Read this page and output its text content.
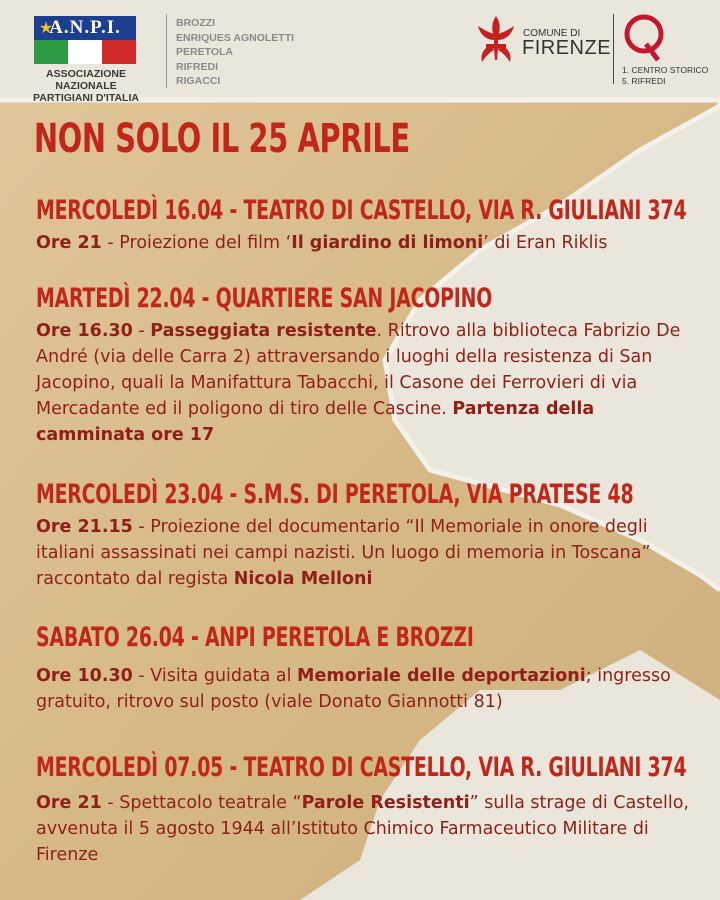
A.N.P.I.
★
ASSOCIAZIONE NAZIONALE
PARTIGIANI D'ITALIA
BROZZI
ENRIQUES AGNOLETTI
PERETOLA
RIFREDI
RIGACCI
COMUNE DI
FIRENZE
1. CENTRO STORICO
5. RIFREDI
NON SOLO IL 25 APRILE
MERCOLEDÌ 16.04 - TEATRO DI CASTELLO, VIA R. GIULIANI 374

Ore 21 - Proiezione del film ‘Il giardino di limoni’ di Eran Riklis

MARTEDÌ 22.04 - QUARTIERE SAN JACOPINO

Ore 16.30 - Passeggiata resistente. Ritrovo alla biblioteca Fabrizio De André (via delle Carra 2) attraversando i luoghi della resistenza di San Jacopino, quali la Manifattura Tabacchi, il Casone dei Ferrovieri di via Mercadante ed il poligono di tiro delle Cascine. Partenza della camminata ore 17

MERCOLEDÌ 23.04 - S.M.S. DI PERETOLA, VIA PRATESE 48

Ore 21.15 - Proiezione del documentario “Il Memoriale in onore degli italiani assassinati nei campi nazisti. Un luogo di memoria in Toscana” raccontato dal regista Nicola Melloni

SABATO 26.04 - ANPI PERETOLA E BROZZI

Ore 10.30 - Visita guidata al Memoriale delle deportazioni; ingresso gratuito, ritrovo sul posto (viale Donato Giannotti 81)

MERCOLEDÌ 07.05 - TEATRO DI CASTELLO, VIA R. GIULIANI 374

Ore 21 - Spettacolo teatrale “Parole Resistenti” sulla strage di Castello, avvenuta il 5 agosto 1944 all’Istituto Chimico Farmaceutico Militare di Firenze
